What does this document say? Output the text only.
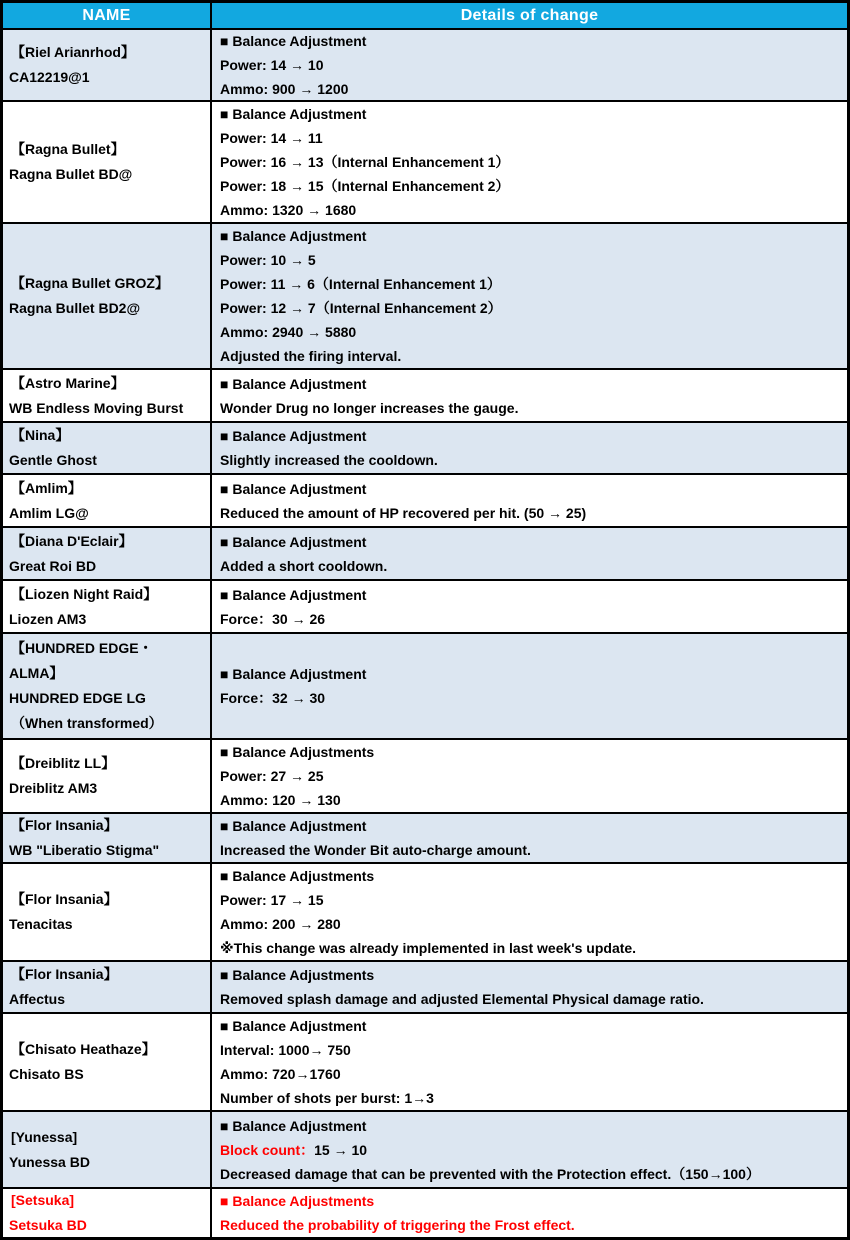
NAME	Details of change
【Riel Arianrhod】
CA12219@1
■ Balance Adjustment
Power: 14 → 10
Ammo: 900 → 1200
【Ragna Bullet】
Ragna Bullet BD@
■ Balance Adjustment
Power: 14 → 11
Power: 16 → 13（Internal Enhancement 1）
Power: 18 → 15（Internal Enhancement 2）
Ammo: 1320 → 1680
【Ragna Bullet GROZ】
Ragna Bullet BD2@
■ Balance Adjustment
Power: 10 → 5
Power: 11 → 6（Internal Enhancement 1）
Power: 12 → 7（Internal Enhancement 2）
Ammo: 2940 → 5880
Adjusted the firing interval.
【Astro Marine】
WB Endless Moving Burst
■ Balance Adjustment
Wonder Drug no longer increases the gauge.
【Nina】
Gentle Ghost
■ Balance Adjustment
Slightly increased the cooldown.
【Amlim】
Amlim LG@
■ Balance Adjustment
Reduced the amount of HP recovered per hit. (50 → 25)
【Diana D'Eclair】
Great Roi BD
■ Balance Adjustment
Added a short cooldown.
【Liozen Night Raid】
Liozen AM3
■ Balance Adjustment
Force：30 → 26
【HUNDRED EDGE・
ALMA】
HUNDRED EDGE LG
（When transformed）
■ Balance Adjustment
Force：32 → 30
【Dreiblitz LL】
Dreiblitz AM3
■ Balance Adjustments
Power: 27 → 25
Ammo: 120 → 130
【Flor Insania】
WB "Liberatio Stigma"
■ Balance Adjustment
Increased the Wonder Bit auto-charge amount.
【Flor Insania】
Tenacitas
■ Balance Adjustments
Power: 17 → 15
Ammo: 200 → 280
※This change was already implemented in last week's update.
【Flor Insania】
Affectus
■ Balance Adjustments
Removed splash damage and adjusted Elemental Physical damage ratio.
【Chisato Heathaze】
Chisato BS
■ Balance Adjustment
Interval: 1000→ 750
Ammo: 720→1760
Number of shots per burst: 1→3
[Yunessa]
Yunessa BD
■ Balance Adjustment
Block count：15 → 10
Decreased damage that can be prevented with the Protection effect.（150→100）
[Setsuka]
Setsuka BD
■ Balance Adjustments
Reduced the probability of triggering the Frost effect.
